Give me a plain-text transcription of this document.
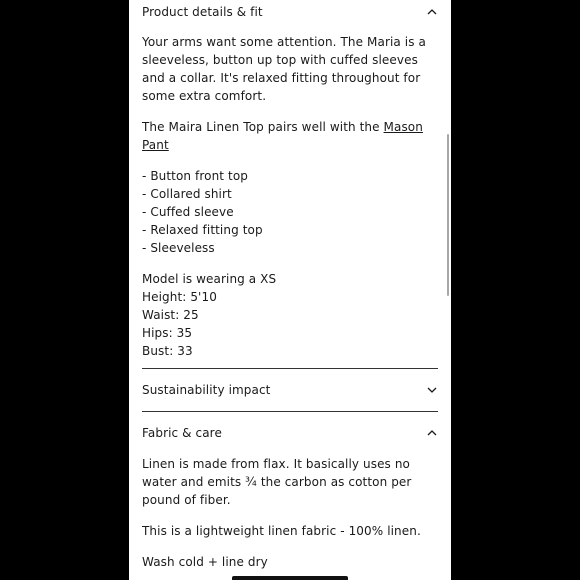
Product details & fit

Your arms want some attention. The Maria is a sleeveless, button up top with cuffed sleeves and a collar. It's relaxed fitting throughout for some extra comfort.

The Maira Linen Top pairs well with the Mason Pant

- Button front top
- Collared shirt
- Cuffed sleeve
- Relaxed fitting top
- Sleeveless
Model is wearing a XS
Height: 5'10
Waist: 25
Hips: 35
Bust: 33
Sustainability impact
Fabric & care

Linen is made from flax. It basically uses no water and emits ¾ the carbon as cotton per pound of fiber.

This is a lightweight linen fabric - 100% linen.

Wash cold + line dry
